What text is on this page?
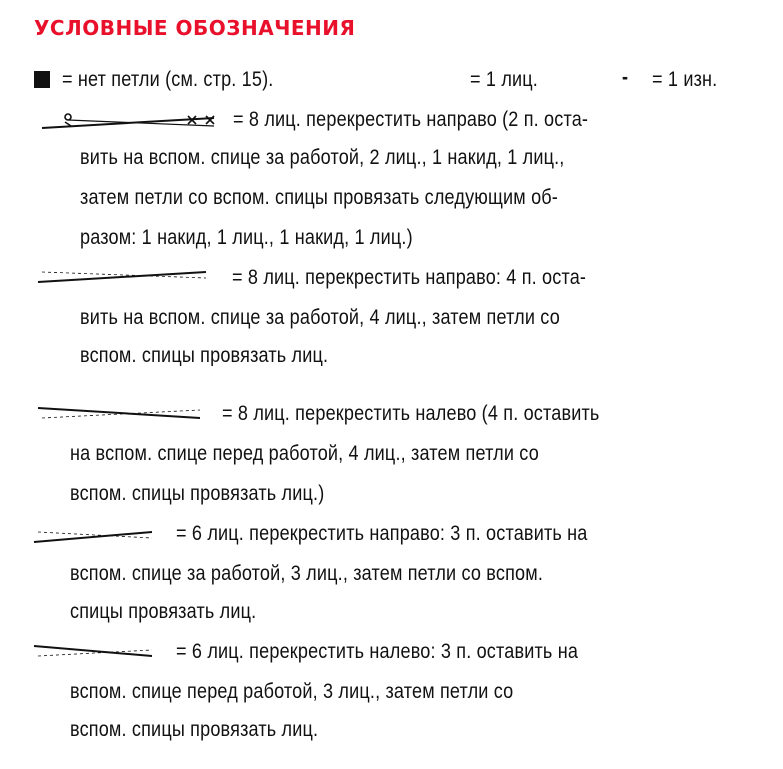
УСЛОВНЫЕ ОБОЗНАЧЕНИЯ
= нет петли (см. стр. 15).	= 1 лиц.	- = 1 изн.
= 8 лиц. перекрестить направо (2 п. оста-
вить на вспом. спице за работой, 2 лиц., 1 накид, 1 лиц.,
затем петли со вспом. спицы провязать следующим об-
разом: 1 накид, 1 лиц., 1 накид, 1 лиц.)
= 8 лиц. перекрестить направо: 4 п. оста-
вить на вспом. спице за работой, 4 лиц., затем петли со
вспом. спицы провязать лиц.
= 8 лиц. перекрестить налево (4 п. оставить
на вспом. спице перед работой, 4 лиц., затем петли со
вспом. спицы провязать лиц.)
= 6 лиц. перекрестить направо: 3 п. оставить на
вспом. спице за работой, 3 лиц., затем петли со вспом.
спицы провязать лиц.
= 6 лиц. перекрестить налево: 3 п. оставить на
вспом. спице перед работой, 3 лиц., затем петли со
вспом. спицы провязать лиц.
